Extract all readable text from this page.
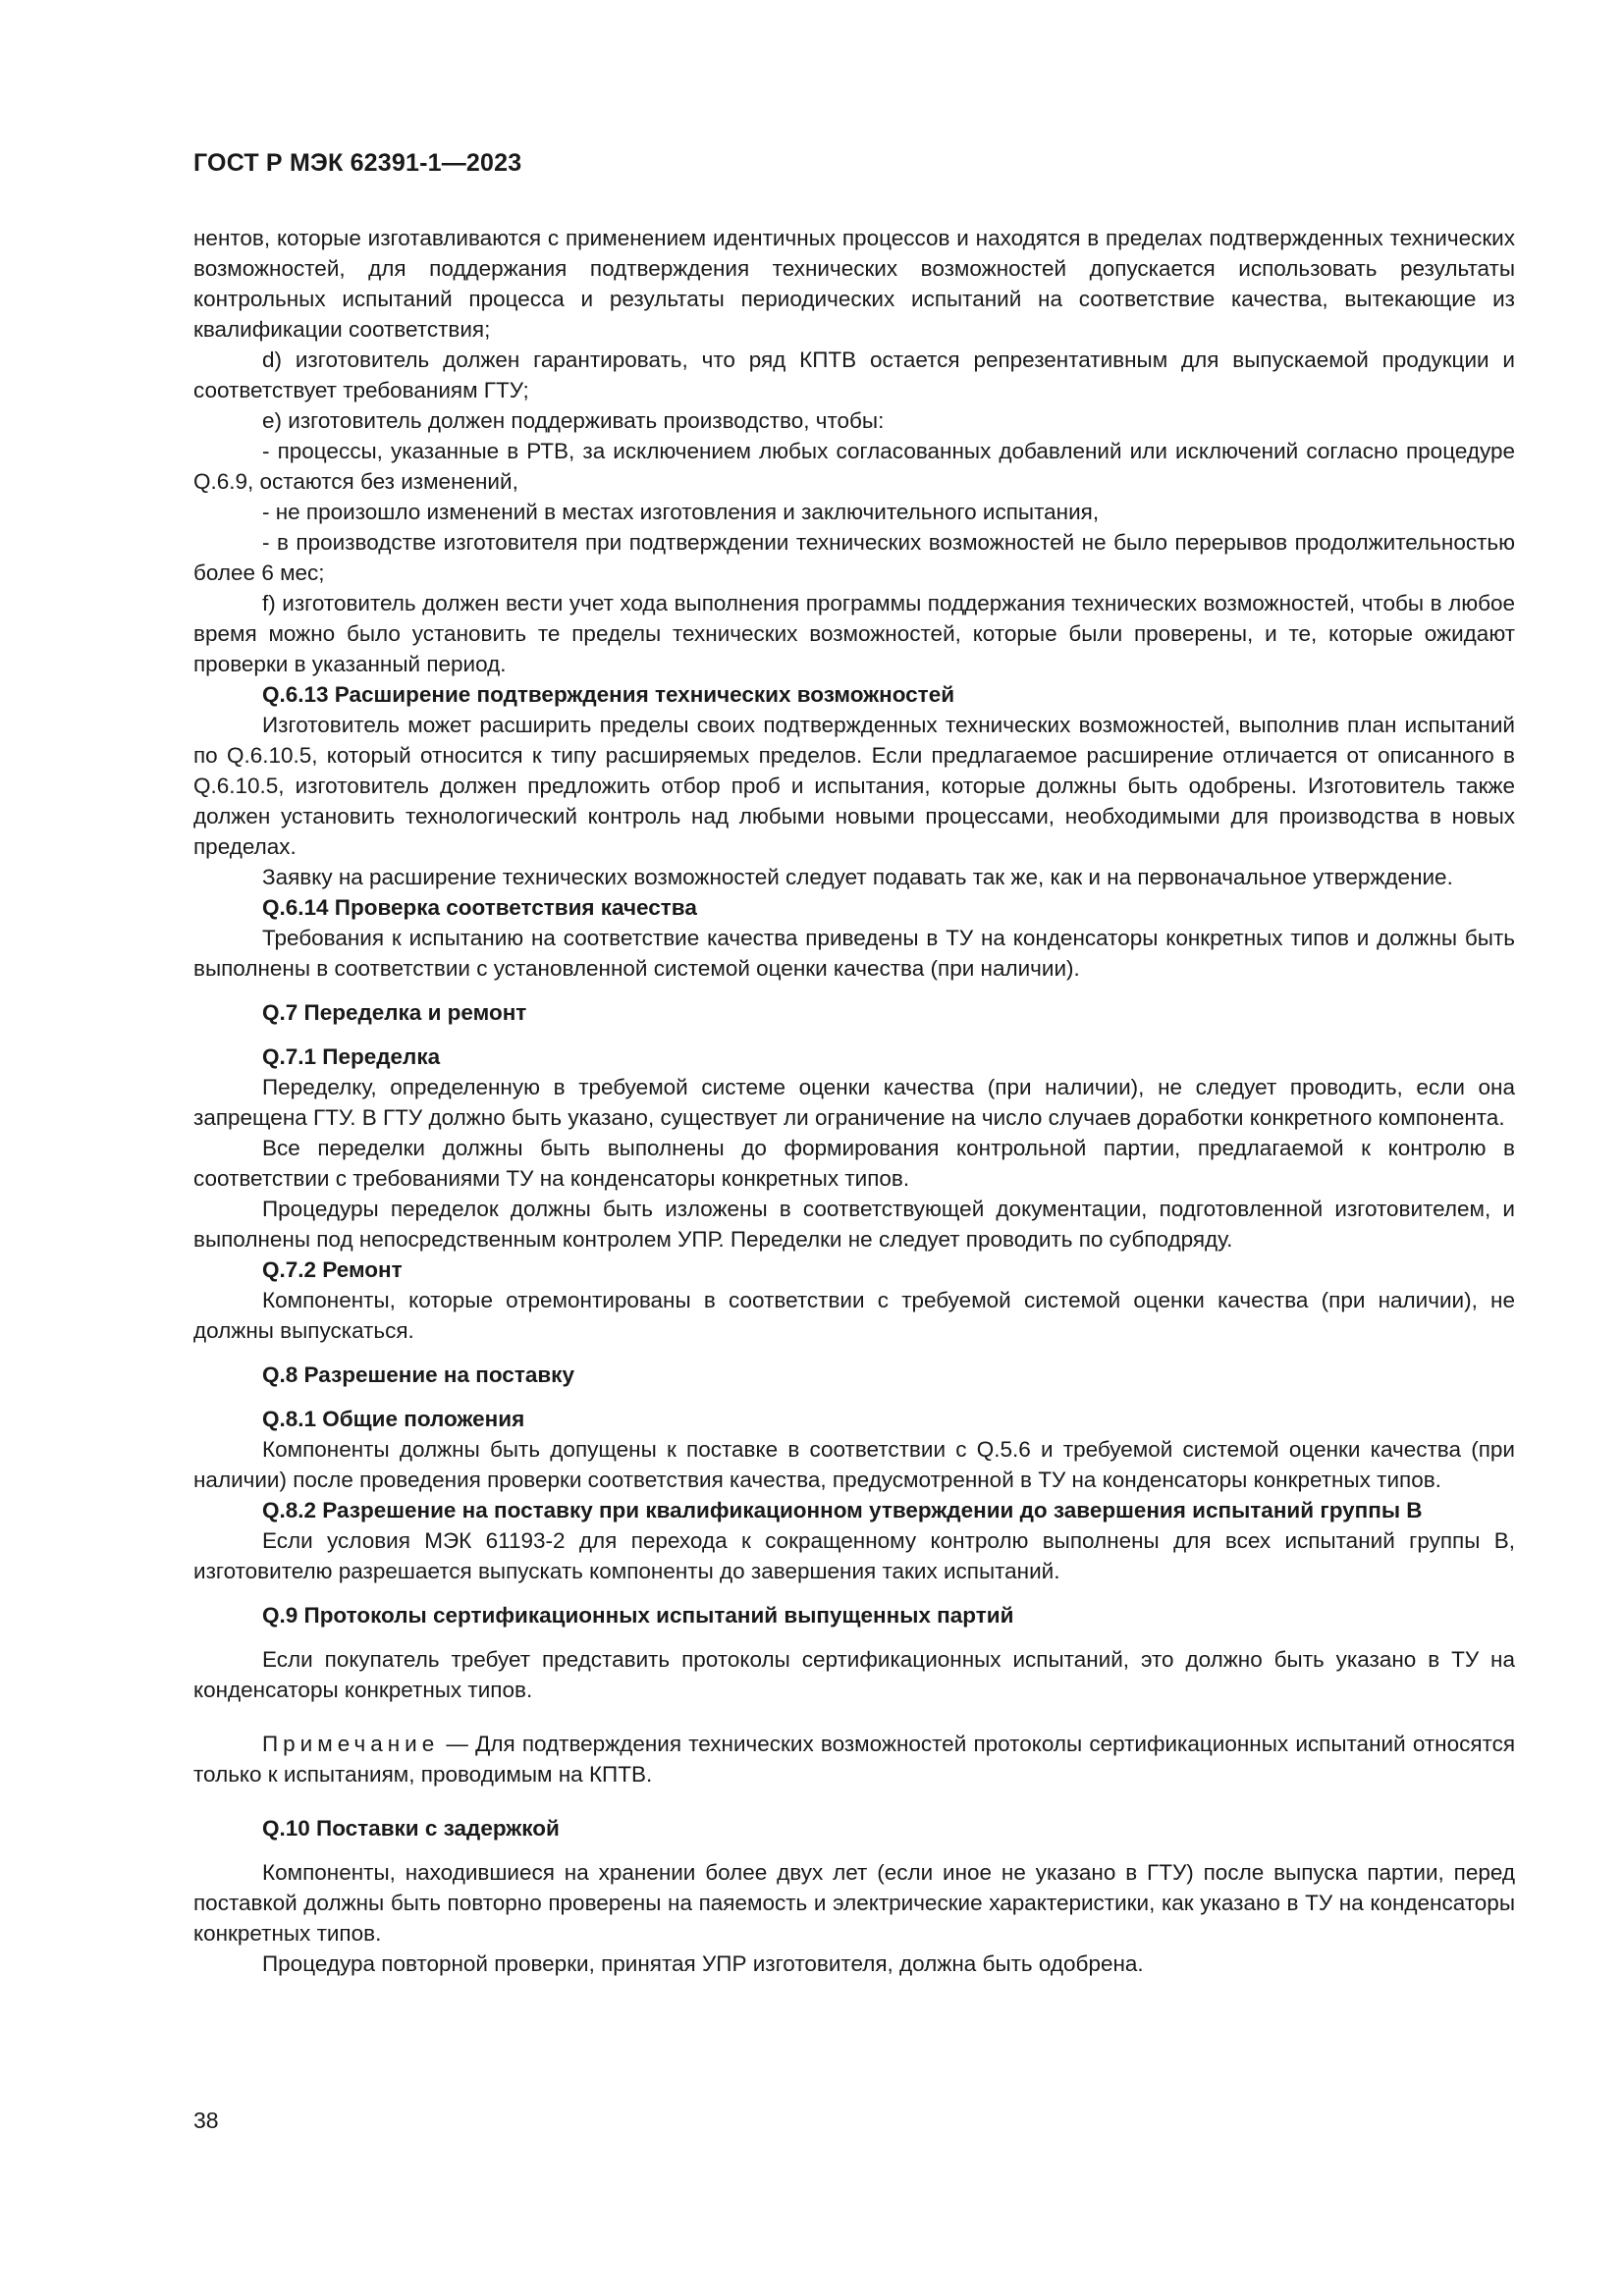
ГОСТ Р МЭК 62391-1—2023

нентов, которые изготавливаются с применением идентичных процессов и находятся в пределах подтвержденных технических возможностей, для поддержания подтверждения технических возможностей допускается использовать результаты контрольных испытаний процесса и результаты периодических испытаний на соответствие качества, вытекающие из квалификации соответствия;

d) изготовитель должен гарантировать, что ряд КПТВ остается репрезентативным для выпускаемой продукции и соответствует требованиям ГТУ;

e) изготовитель должен поддерживать производство, чтобы:

- процессы, указанные в РТВ, за исключением любых согласованных добавлений или исключений согласно процедуре Q.6.9, остаются без изменений,

- не произошло изменений в местах изготовления и заключительного испытания,

- в производстве изготовителя при подтверждении технических возможностей не было перерывов продолжительностью более 6 мес;

f) изготовитель должен вести учет хода выполнения программы поддержания технических возможностей, чтобы в любое время можно было установить те пределы технических возможностей, которые были проверены, и те, которые ожидают проверки в указанный период.

Q.6.13 Расширение подтверждения технических возможностей

Изготовитель может расширить пределы своих подтвержденных технических возможностей, выполнив план испытаний по Q.6.10.5, который относится к типу расширяемых пределов. Если предлагаемое расширение отличается от описанного в Q.6.10.5, изготовитель должен предложить отбор проб и испытания, которые должны быть одобрены. Изготовитель также должен установить технологический контроль над любыми новыми процессами, необходимыми для производства в новых пределах.

Заявку на расширение технических возможностей следует подавать так же, как и на первоначальное утверждение.

Q.6.14 Проверка соответствия качества

Требования к испытанию на соответствие качества приведены в ТУ на конденсаторы конкретных типов и должны быть выполнены в соответствии с установленной системой оценки качества (при наличии).

Q.7 Переделка и ремонт

Q.7.1 Переделка

Переделку, определенную в требуемой системе оценки качества (при наличии), не следует проводить, если она запрещена ГТУ. В ГТУ должно быть указано, существует ли ограничение на число случаев доработки конкретного компонента.

Все переделки должны быть выполнены до формирования контрольной партии, предлагаемой к контролю в соответствии с требованиями ТУ на конденсаторы конкретных типов.

Процедуры переделок должны быть изложены в соответствующей документации, подготовленной изготовителем, и выполнены под непосредственным контролем УПР. Переделки не следует проводить по субподряду.

Q.7.2 Ремонт

Компоненты, которые отремонтированы в соответствии с требуемой системой оценки качества (при наличии), не должны выпускаться.

Q.8 Разрешение на поставку

Q.8.1 Общие положения

Компоненты должны быть допущены к поставке в соответствии с Q.5.6 и требуемой системой оценки качества (при наличии) после проведения проверки соответствия качества, предусмотренной в ТУ на конденсаторы конкретных типов.

Q.8.2 Разрешение на поставку при квалификационном утверждении до завершения испытаний группы В

Если условия МЭК 61193-2 для перехода к сокращенному контролю выполнены для всех испытаний группы В, изготовителю разрешается выпускать компоненты до завершения таких испытаний.

Q.9 Протоколы сертификационных испытаний выпущенных партий

Если покупатель требует представить протоколы сертификационных испытаний, это должно быть указано в ТУ на конденсаторы конкретных типов.

Примечание — Для подтверждения технических возможностей протоколы сертификационных испытаний относятся только к испытаниям, проводимым на КПТВ.

Q.10 Поставки с задержкой

Компоненты, находившиеся на хранении более двух лет (если иное не указано в ГТУ) после выпуска партии, перед поставкой должны быть повторно проверены на паяемость и электрические характеристики, как указано в ТУ на конденсаторы конкретных типов.

Процедура повторной проверки, принятая УПР изготовителя, должна быть одобрена.

38
